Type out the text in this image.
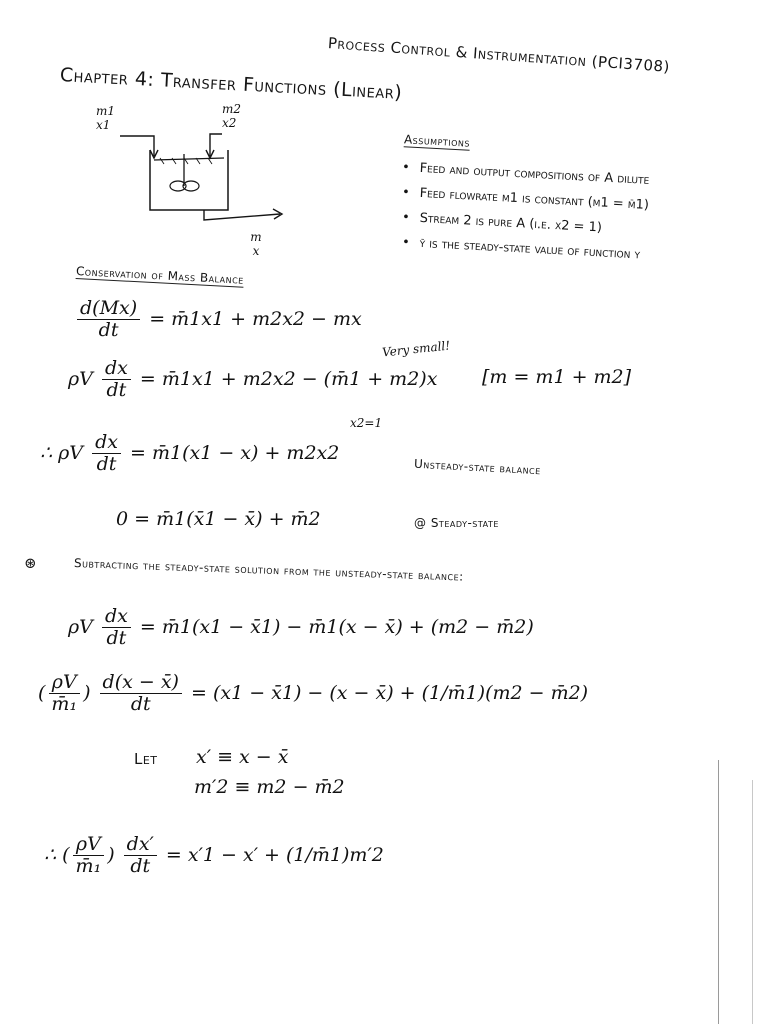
Process Control & Instrumentation (PCI3708)
Chapter 4: Transfer Functions (Linear)
m1 x1
m2 x2
m x
Assumptions
• Feed and output compositions of A dilute
• Feed flowrate m1 is constant (m1 = m̄1)
• Stream 2 is pure A (i.e. x2 = 1)
• ȳ is the steady-state value of function y
Conservation of Mass Balance
$\frac{d(Mx)}{dt}$ = m̄1x1 + m2x2 − mx
Very small!
ρV $\frac{dx}{dt}$ = m̄1x1 + m2x2 − (m̄1 + m2)x [m = m1 + m2]
x2=1
∴ ρV $\frac{dx}{dt}$ = m̄1(x1 − x) + m2x2
Unsteady-state balance
0 = m̄1(x̄1 − x̄) + m̄2	@ Steady-state
⊛	Subtracting the steady-state solution from the unsteady-state balance:
ρV $\frac{dx}{dt}$ = m̄1(x1 − x̄1) − m̄1(x − x̄) + (m2 − m̄2)
( $\frac{\rho V}{\text{m̄₁}}$ ) $\frac{d(x - x̄)}{dt} = (x1$ − x̄1) − (x − x̄) + (1/m̄1)(m2 − m̄2)
Let x′ ≡ x − x̄
m′2 ≡ m2 − m̄2
∴ ( $\frac{\rho V}{\text{m̄₁}}$ ) $\frac{dx'}{dt} = x'1 - x'$ + (1/m̄1)m′2
